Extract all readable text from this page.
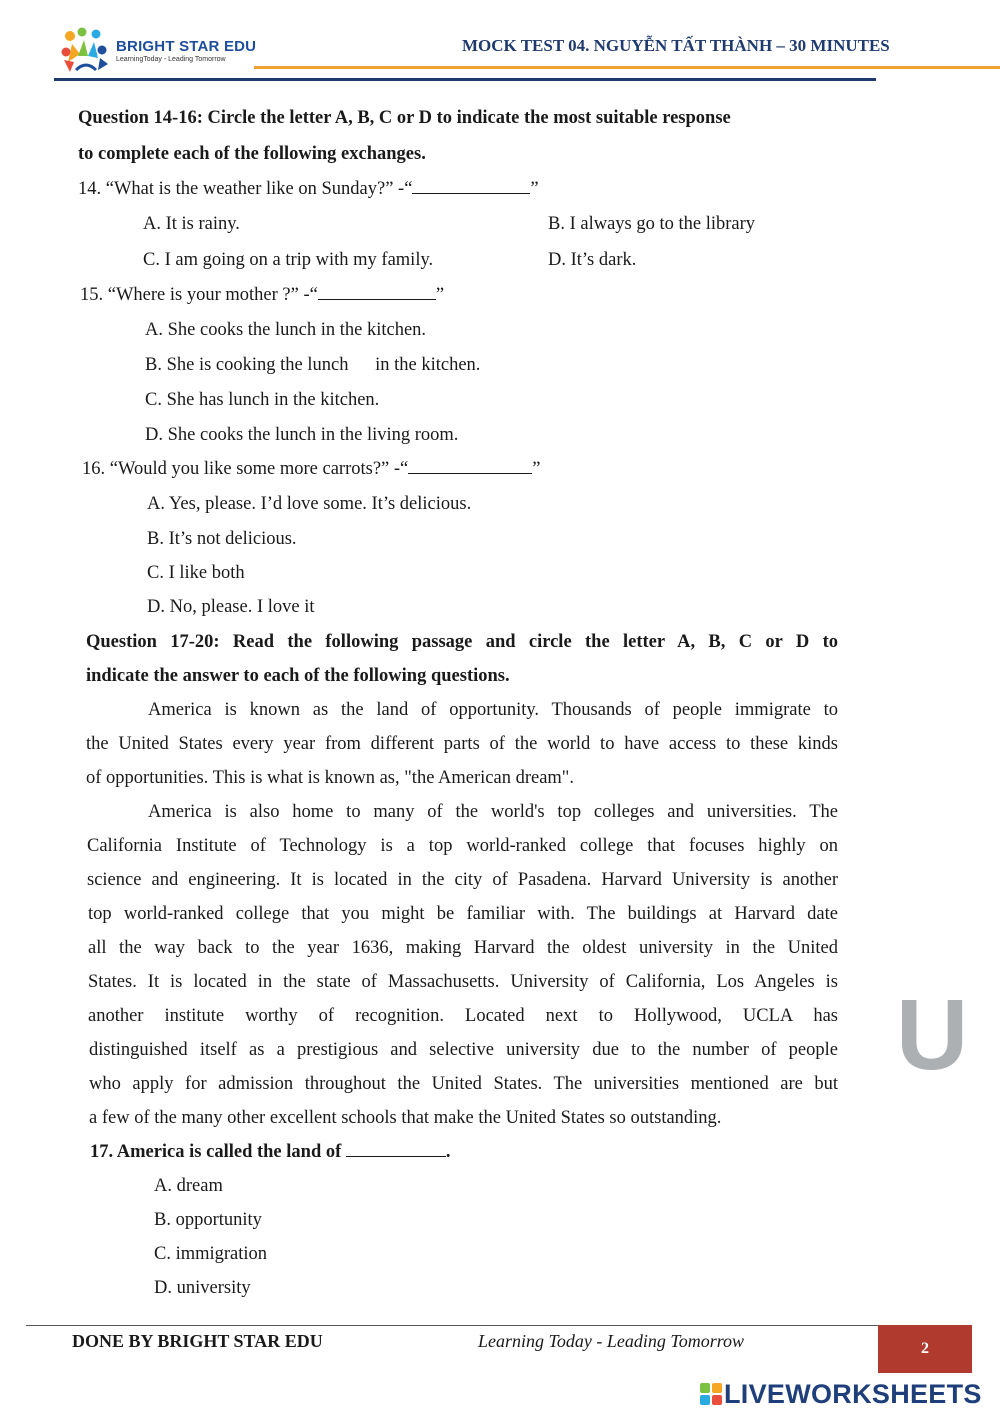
BRIGHT STAR EDU
LearningToday - Leading Tomorrow
MOCK TEST 04. NGUYỄN TẤT THÀNH – 30 MINUTES
Question 14-16: Circle the letter A, B, C or D to indicate the most suitable response
to complete each of the following exchanges.
14. “What is the weather like on Sunday?” -“	”
A. It is rainy.	B. I always go to the library
C. I am going on a trip with my family.	D. It’s dark.
15. “Where is your mother ?” -“	”
A. She cooks the lunch in the kitchen.
B. She is cooking the lunch in the kitchen.
C. She has lunch in the kitchen.
D. She cooks the lunch in the living room.
16. “Would you like some more carrots?” -“	”
A. Yes, please. I’d love some. It’s delicious.
B. It’s not delicious.
C. I like both
D. No, please. I love it
Question 17-20: Read the following passage and circle the letter A, B, C or D to
indicate the answer to each of the following questions.
America is known as the land of opportunity. Thousands of people immigrate to
the United States every year from different parts of the world to have access to these kinds
of opportunities. This is what is known as, "the American dream".
America is also home to many of the world's top colleges and universities. The
California Institute of Technology is a top world-ranked college that focuses highly on
science and engineering. It is located in the city of Pasadena. Harvard University is another
top world-ranked college that you might be familiar with. The buildings at Harvard date
all the way back to the year 1636, making Harvard the oldest university in the United
States. It is located in the state of Massachusetts. University of California, Los Angeles is
another institute worthy of recognition. Located next to Hollywood, UCLA has
distinguished itself as a prestigious and selective university due to the number of people
who apply for admission throughout the United States. The universities mentioned are but
a few of the many other excellent schools that make the United States so outstanding.
17. America is called the land of	.
A. dream
B. opportunity
C. immigration
D. university
U
DONE BY BRIGHT STAR EDU	Learning Today - Leading Tomorrow	2
LIVEWORKSHEETS
